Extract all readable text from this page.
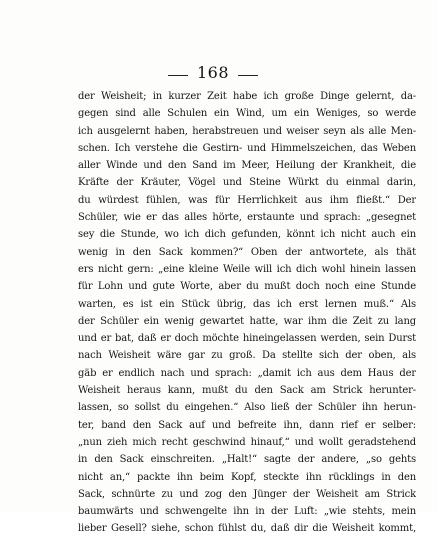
168
der Weisheit; in kurzer Zeit habe ich große Dinge gelernt, da-
gegen sind alle Schulen ein Wind, um ein Weniges, so werde
ich ausgelernt haben, herabstreuen und weiser seyn als alle Men-
schen. Ich verstehe die Gestirn- und Himmelszeichen, das Weben
aller Winde und den Sand im Meer, Heilung der Krankheit, die
Kräfte der Kräuter, Vögel und Steine Würkt du einmal darin,
du würdest fühlen, was für Herrlichkeit aus ihm fließt.“ Der
Schüler, wie er das alles hörte, erstaunte und sprach: „gesegnet
sey die Stunde, wo ich dich gefunden, könnt ich nicht auch ein
wenig in den Sack kommen?“ Oben der antwortete, als thät
ers nicht gern: „eine kleine Weile will ich dich wohl hinein lassen
für Lohn und gute Worte, aber du mußt doch noch eine Stunde
warten, es ist ein Stück übrig, das ich erst lernen muß.“ Als
der Schüler ein wenig gewartet hatte, war ihm die Zeit zu lang
und er bat, daß er doch möchte hineingelassen werden, sein Durst
nach Weisheit wäre gar zu groß. Da stellte sich der oben, als
gäb er endlich nach und sprach: „damit ich aus dem Haus der
Weisheit heraus kann, mußt du den Sack am Strick herunter-
lassen, so sollst du eingehen.“ Also ließ der Schüler ihn herun-
ter, band den Sack auf und befreite ihn, dann rief er selber:
„nun zieh mich recht geschwind hinauf,“ und wollt geradstehend
in den Sack einschreiten. „Halt!“ sagte der andere, „so gehts
nicht an,“ packte ihn beim Kopf, steckte ihn rücklings in den
Sack, schnürte zu und zog den Jünger der Weisheit am Strick
baumwärts und schwengelte ihn in der Luft: „wie stehts, mein
lieber Gesell? siehe, schon fühlst du, daß dir die Weisheit kommt,
